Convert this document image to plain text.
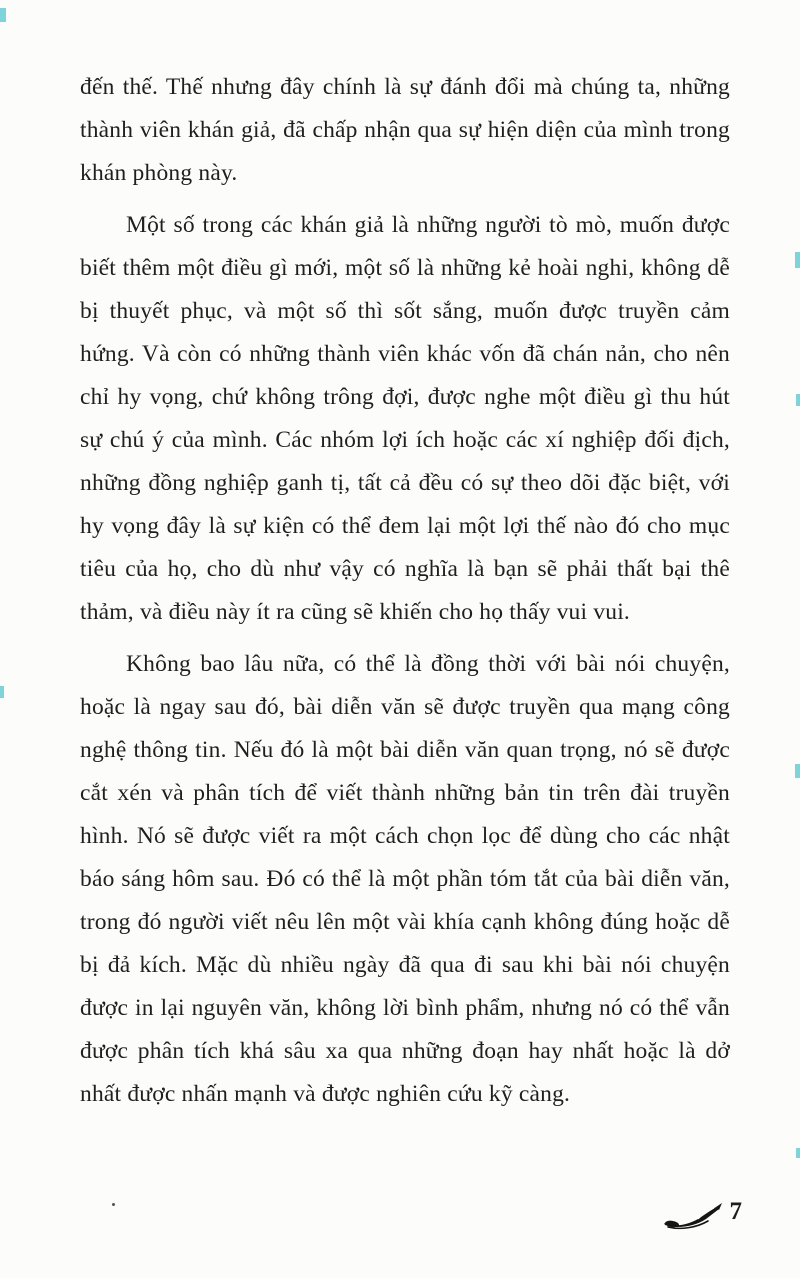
đến thế. Thế nhưng đây chính là sự đánh đổi mà chúng ta, những thành viên khán giả, đã chấp nhận qua sự hiện diện của mình trong khán phòng này.

Một số trong các khán giả là những người tò mò, muốn được biết thêm một điều gì mới, một số là những kẻ hoài nghi, không dễ bị thuyết phục, và một số thì sốt sắng, muốn được truyền cảm hứng. Và còn có những thành viên khác vốn đã chán nản, cho nên chỉ hy vọng, chứ không trông đợi, được nghe một điều gì thu hút sự chú ý của mình. Các nhóm lợi ích hoặc các xí nghiệp đối địch, những đồng nghiệp ganh tị, tất cả đều có sự theo dõi đặc biệt, với hy vọng đây là sự kiện có thể đem lại một lợi thế nào đó cho mục tiêu của họ, cho dù như vậy có nghĩa là bạn sẽ phải thất bại thê thảm, và điều này ít ra cũng sẽ khiến cho họ thấy vui vui.

Không bao lâu nữa, có thể là đồng thời với bài nói chuyện, hoặc là ngay sau đó, bài diễn văn sẽ được truyền qua mạng công nghệ thông tin. Nếu đó là một bài diễn văn quan trọng, nó sẽ được cắt xén và phân tích để viết thành những bản tin trên đài truyền hình. Nó sẽ được viết ra một cách chọn lọc để dùng cho các nhật báo sáng hôm sau. Đó có thể là một phần tóm tắt của bài diễn văn, trong đó người viết nêu lên một vài khía cạnh không đúng hoặc dễ bị đả kích. Mặc dù nhiều ngày đã qua đi sau khi bài nói chuyện được in lại nguyên văn, không lời bình phẩm, nhưng nó có thể vẫn được phân tích khá sâu xa qua những đoạn hay nhất hoặc là dở nhất được nhấn mạnh và được nghiên cứu kỹ càng.

7
